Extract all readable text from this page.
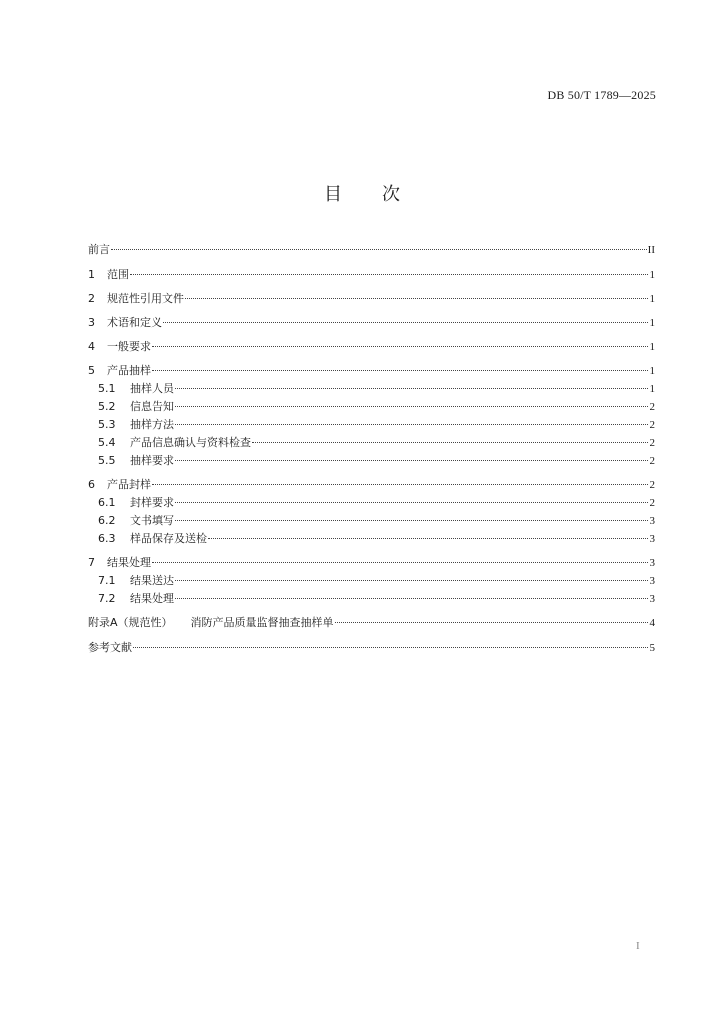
DB 50/T 1789—2025
目 次
前言	II
1	范围	1
2	规范性引用文件	1
3	术语和定义	1
4	一般要求	1
5	产品抽样	1
5.1	抽样人员	1
5.2	信息告知	2
5.3	抽样方法	2
5.4	产品信息确认与资料检查	2
5.5	抽样要求	2
6	产品封样	2
6.1	封样要求	2
6.2	文书填写	3
6.3	样品保存及送检	3
7	结果处理	3
7.1	结果送达	3
7.2	结果处理	3
附录A（规范性）	消防产品质量监督抽查抽样单	4
参考文献	5
I
